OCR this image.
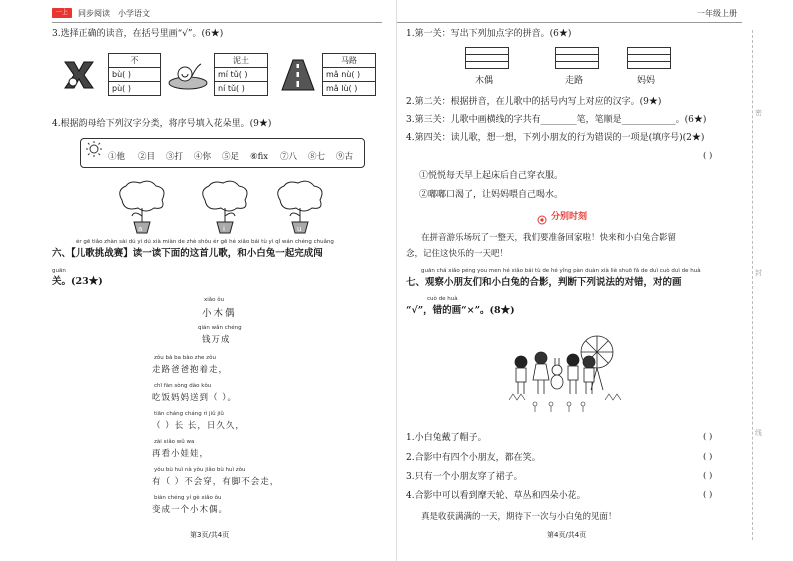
一上	同步阅读 小学语文
3.选择正确的读音，在括号里画“√”。(6★)
不
bù( )
pù( )
泥土
mí tǔ( )
ní tǔ( )
马路
mǎ nù( )
mǎ lù( )
4.根据韵母给下列汉字分类，将序号填入花朵里。(9★)
①他 ②目 ③打 ④你 ⑤足 ⑥fix ⑦八 ⑧七 ⑨古
a	i	u
ér gē tiǎo zhàn sài dú yi dú xià miàn de zhè shǒu ér gē hé xiǎo bái tù yì qǐ wán chéng chuǎng
六、【儿歌挑战赛】读一读下面的这首儿歌，和小白兔一起完成闯
guān
关。(23★)
xiǎo ǒu
小木偶
qián wǎn chéng
钱万成
zǒu bà ba bào zhe zǒu
走路爸爸抱着走，
chī fàn sòng dào kǒu
吃饭妈妈送到（ ）。
tiān cháng cháng rì jiǔ jiǔ
（ ）长 长，日久久，
zài xiǎo wǔ wa
再看小娃娃，
yǒu bù huì nà yǒu jiǎo bù huì zǒu
有（ ）不会穿，有脚不会走，
biàn chéng yí gè xiǎo ǒu
变成一个小木偶。
第3页/共4页
一年级上册
密
封
线
1.第一关：写出下列加点字的拼音。(6★)
木偶	走路	妈妈
2.第二关：根据拼音，在儿歌中的括号内写上对应的汉字。(9★)
3.第三关：儿歌中画横线的字共有________笔，笔顺是____________。(6★)
4.第四关：读儿歌，想一想，下列小朋友的行为错误的一项是(填序号)(2★)
( )
①悦悦每天早上起床后自己穿衣服。
②嘟嘟口渴了，让妈妈喂自己喝水。
分别时刻
在拼音游乐场玩了一整天，我们要准备回家啦！快来和小白兔合影留
念，记住这快乐的一天吧！
guān chá xiǎo péng you men hé xiǎo bái tù de hé yǐng pàn duàn xià liè shuō fǎ de duì cuò duì de huà
七、观察小朋友们和小白兔的合影，判断下列说法的对错，对的画
cuò de huà
“√”，错的画“×”。(8★)
1.小白兔戴了帽子。	( )
2.合影中有四个小朋友，都在笑。	( )
3.只有一个小朋友穿了裙子。	( )
4.合影中可以看到摩天轮、草丛和四朵小花。	( )
真是收获满满的一天，期待下一次与小白兔的见面！
第4页/共4页
